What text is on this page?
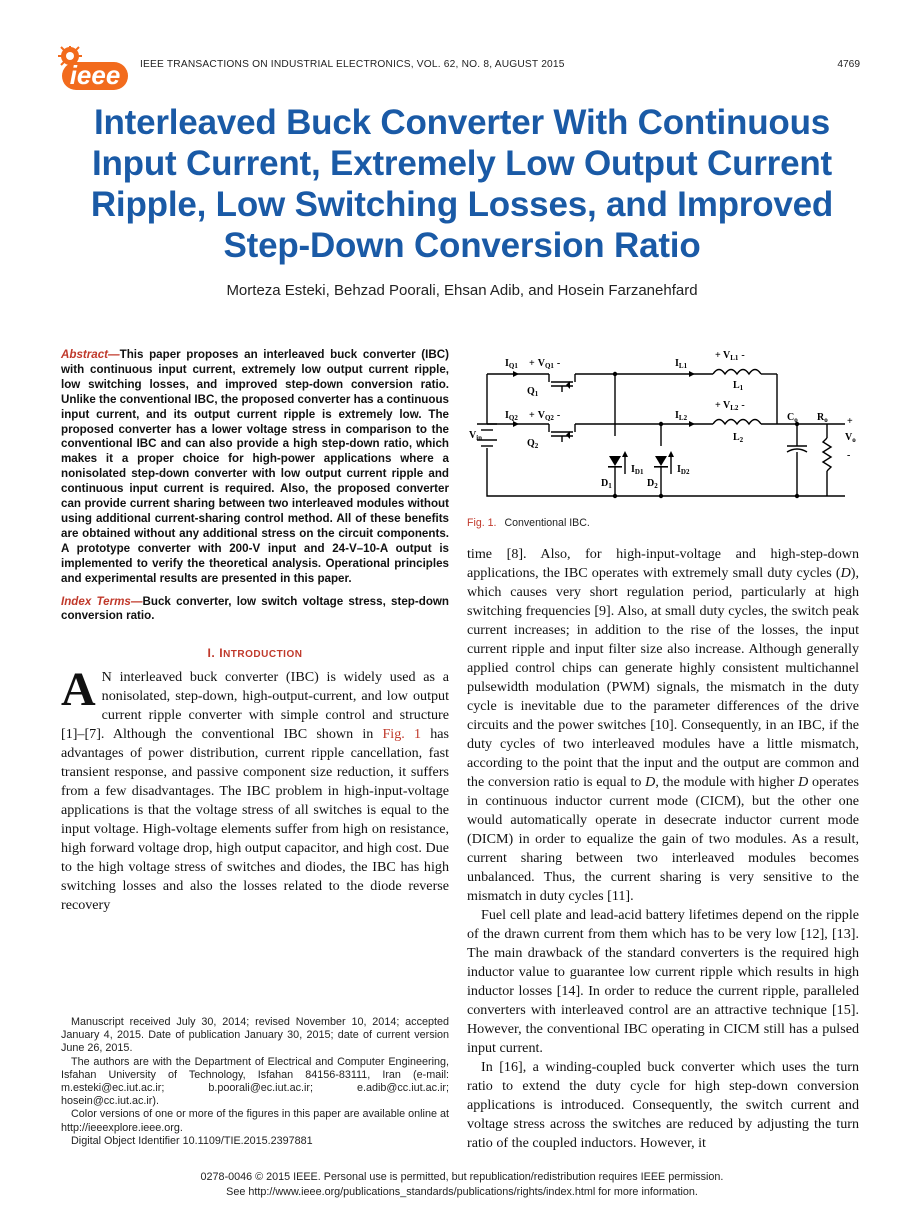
ieee IEEE TRANSACTIONS ON INDUSTRIAL ELECTRONICS, VOL. 62, NO. 8, AUGUST 2015	4769
Interleaved Buck Converter With Continuous Input Current, Extremely Low Output Current Ripple, Low Switching Losses, and Improved Step-Down Conversion Ratio
Morteza Esteki, Behzad Poorali, Ehsan Adib, and Hosein Farzanehfard

Abstract—This paper proposes an interleaved buck converter (IBC) with continuous input current, extremely low output current ripple, low switching losses, and improved step-down conversion ratio. Unlike the conventional IBC, the proposed converter has a continuous input current, and its output current ripple is extremely low. The proposed converter has a lower voltage stress in comparison to the conventional IBC and can also provide a high step-down ratio, which makes it a proper choice for high-power applications where a nonisolated step-down converter with low output current ripple and continuous input current is required. Also, the proposed converter can provide current sharing between two interleaved modules without using additional current-sharing control method. All of these benefits are obtained without any additional stress on the circuit components. A prototype converter with 200-V input and 24-V–10-A output is implemented to verify the theoretical analysis. Operational principles and experimental results are presented in this paper.

Index Terms—Buck converter, low switch voltage stress, step-down conversion ratio.

I. INTRODUCTION

A N interleaved buck converter (IBC) is widely used as a nonisolated, step-down, high-output-current, and low output current ripple converter with simple control and structure [1]–[7]. Although the conventional IBC shown in Fig. 1 has advantages of power distribution, current ripple cancellation, fast transient response, and passive component size reduction, it suffers from a few disadvantages. The IBC problem in high-input-voltage applications is that the voltage stress of all switches is equal to the input voltage. High-voltage elements suffer from high on resistance, high forward voltage drop, high output capacitor, and high cost. Due to the high voltage stress of switches and diodes, the IBC has high switching losses and also the losses related to the diode reverse recovery

Manuscript received July 30, 2014; revised November 10, 2014; accepted January 4, 2015. Date of publication January 30, 2015; date of current version June 26, 2015.

The authors are with the Department of Electrical and Computer Engineering, Isfahan University of Technology, Isfahan 84156-83111, Iran (e-mail: m.esteki@ec.iut.ac.ir; b.poorali@ec.iut.ac.ir; e.adib@cc.iut.ac.ir; hosein@cc.iut.ac.ir).

Color versions of one or more of the figures in this paper are available online at http://ieeexplore.ieee.org.

Digital Object Identifier 10.1109/TIE.2015.2397881

$I_{Q1} + V_{Q1}$ -
$Q_1$
$I_{Q2} + V_{Q2}$ -
$Q_2$
$I_{L1}$
+ $V_{L1}$ -
$L_1$
$I_{L2}$
+ $V_{L2}$ -
$L_2$
$V_{in}$
$C_o$ $R_o$ +
$V_o$
-
$I_{D1}$	$I_{D2}$
$D_1$	$D_2$
Fig. 1. Conventional IBC.

time [8]. Also, for high-input-voltage and high-step-down applications, the IBC operates with extremely small duty cycles (D), which causes very short regulation period, particularly at high switching frequencies [9]. Also, at small duty cycles, the switch peak current increases; in addition to the rise of the losses, the input current ripple and input filter size also increase. Although generally applied control chips can generate highly consistent multichannel pulsewidth modulation (PWM) signals, the mismatch in the duty cycle is inevitable due to the parameter differences of the drive circuits and the power switches [10]. Consequently, in an IBC, if the duty cycles of two interleaved modules have a little mismatch, according to the point that the input and the output are common and the conversion ratio is equal to D, the module with higher D operates in continuous inductor current mode (CICM), but the other one would automatically operate in desecrate inductor current mode (DICM) in order to equalize the gain of two modules. As a result, current sharing between two interleaved modules becomes unbalanced. Thus, the current sharing is very sensitive to the mismatch in duty cycles [11].

Fuel cell plate and lead-acid battery lifetimes depend on the ripple of the drawn current from them which has to be very low [12], [13]. The main drawback of the standard converters is the required high inductor value to guarantee low current ripple which results in high inductor losses [14]. In order to reduce the current ripple, paralleled converters with interleaved control are an attractive technique [15]. However, the conventional IBC operating in CICM still has a pulsed input current.

In [16], a winding-coupled buck converter which uses the turn ratio to extend the duty cycle for high step-down conversion applications is introduced. Consequently, the switch current and voltage stress across the switches are reduced by adjusting the turn ratio of the coupled inductors. However, it

0278-0046 © 2015 IEEE. Personal use is permitted, but republication/redistribution requires IEEE permission.
See http://www.ieee.org/publications_standards/publications/rights/index.html for more information.
